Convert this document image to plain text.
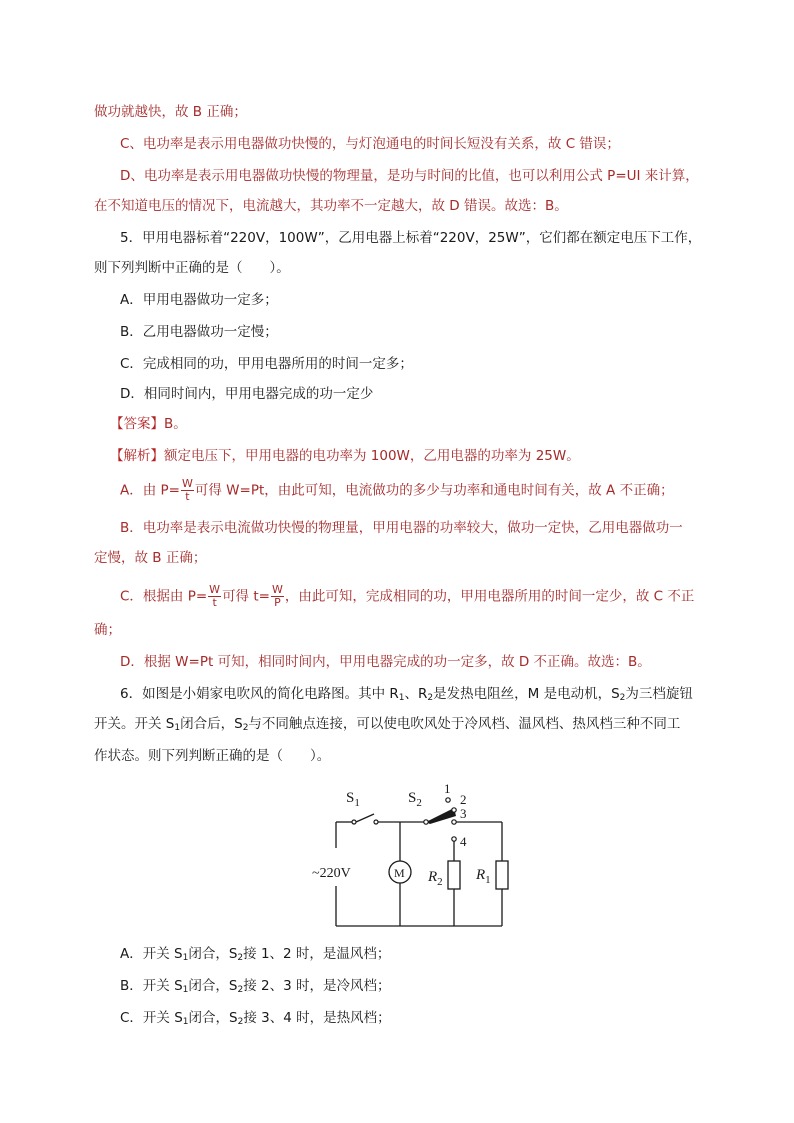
做功就越快，故 B 正确；
C、电功率是表示用电器做功快慢的，与灯泡通电的时间长短没有关系，故 C 错误；
D、电功率是表示用电器做功快慢的物理量，是功与时间的比值，也可以利用公式 P=UI 来计算，
在不知道电压的情况下，电流越大，其功率不一定越大，故 D 错误。故选：B。
5．甲用电器标着“220V，100W”，乙用电器上标着“220V，25W”，它们都在额定电压下工作，
则下列判断中正确的是（　　）。
A．甲用电器做功一定多；
B．乙用电器做功一定慢；
C．完成相同的功，甲用电器所用的时间一定多；
D．相同时间内，甲用电器完成的功一定少
【答案】B。
【解析】额定电压下，甲用电器的电功率为 100W，乙用电器的功率为 25W。
A．由 $P= \frac{W}{t}$ 可得 W=Pt，由此可知，电流做功的多少与功率和通电时间有关，故 A 不正确；
B．电功率是表示电流做功快慢的物理量，甲用电器的功率较大，做功一定快，乙用电器做功一
定慢，故 B 正确；
C．根据由 $P= \frac{W}{t}$ 可得 $t= \frac{W}{P}$ ，由此可知，完成相同的功，甲用电器所用的时间一定少，故 C 不正
确；
D．根据 W=Pt 可知，相同时间内，甲用电器完成的功一定多，故 D 不正确。故选：B。
6．如图是小娟家电吹风的简化电路图。其中 $R_1$、$R_2$是发热电阻丝，M 是电动机，$S_2$为三档旋钮
开关。开关 $S_1$闭合后，$S_2$与不同触点连接，可以使电吹风处于冷风档、温风档、热风档三种不同工
作状态。则下列判断正确的是（　　）。
$S_1$	$S_2$
1
2
3
4
~220V	M $R_2$ $R_1$
A．开关 $S_1$闭合，$S_2$接 1、2 时，是温风档；
B．开关 $S_1$闭合，$S_2$接 2、3 时，是冷风档；
C．开关 $S_1$闭合，$S_2$接 3、4 时，是热风档；
